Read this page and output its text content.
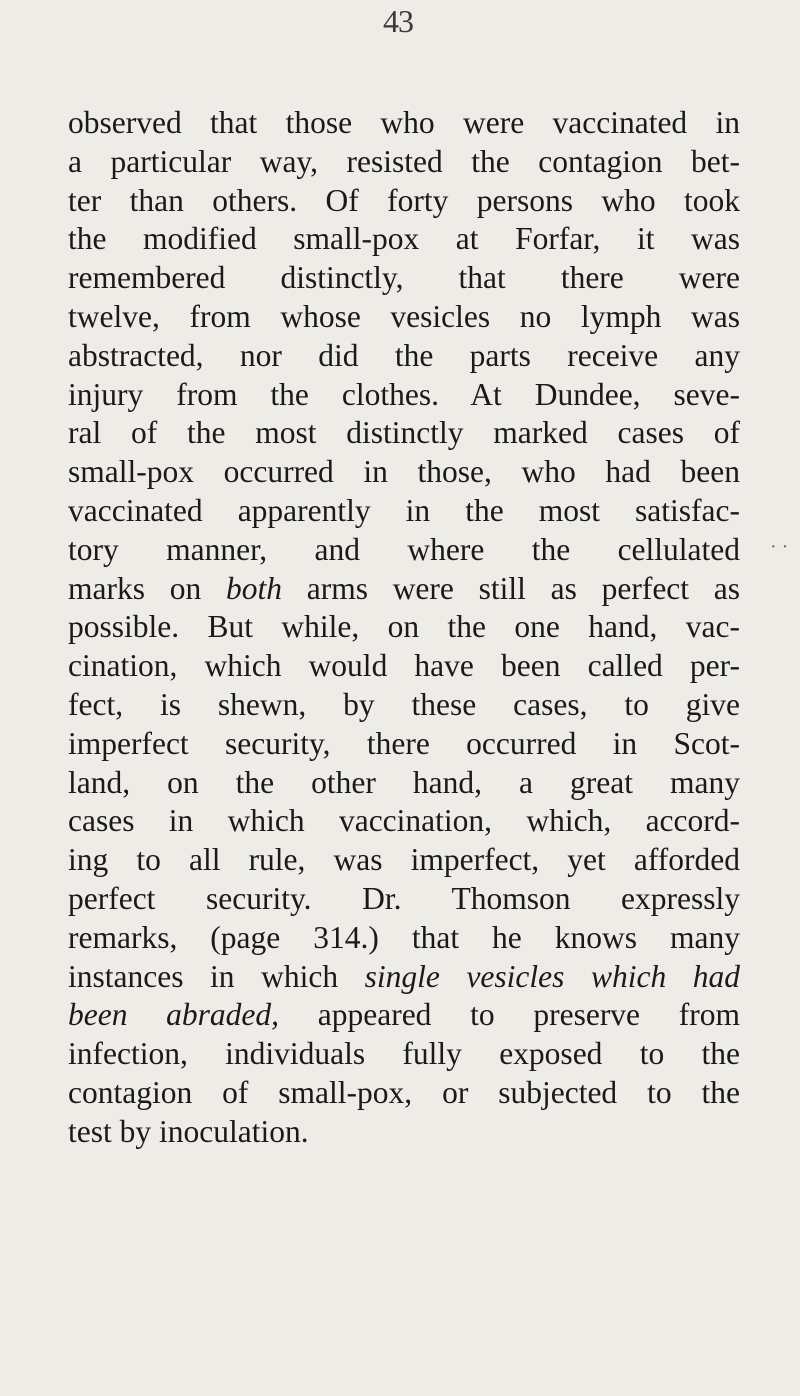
43
observed that those who were vaccinated in
a particular way, resisted the contagion bet-
ter than others. Of forty persons who took
the modified small-pox at Forfar, it was
remembered distinctly, that there were
twelve, from whose vesicles no lymph was
abstracted, nor did the parts receive any
injury from the clothes. At Dundee, seve-
ral of the most distinctly marked cases of
small-pox occurred in those, who had been
vaccinated apparently in the most satisfac-
tory manner, and where the cellulated
marks on both arms were still as perfect as
possible. But while, on the one hand, vac-
cination, which would have been called per-
fect, is shewn, by these cases, to give
imperfect security, there occurred in Scot-
land, on the other hand, a great many
cases in which vaccination, which, accord-
ing to all rule, was imperfect, yet afforded
perfect security. Dr. Thomson expressly
remarks, (page 314.) that he knows many
instances in which single vesicles which had
been abraded, appeared to preserve from
infection, individuals fully exposed to the
contagion of small-pox, or subjected to the
test by inoculation.
· ·
